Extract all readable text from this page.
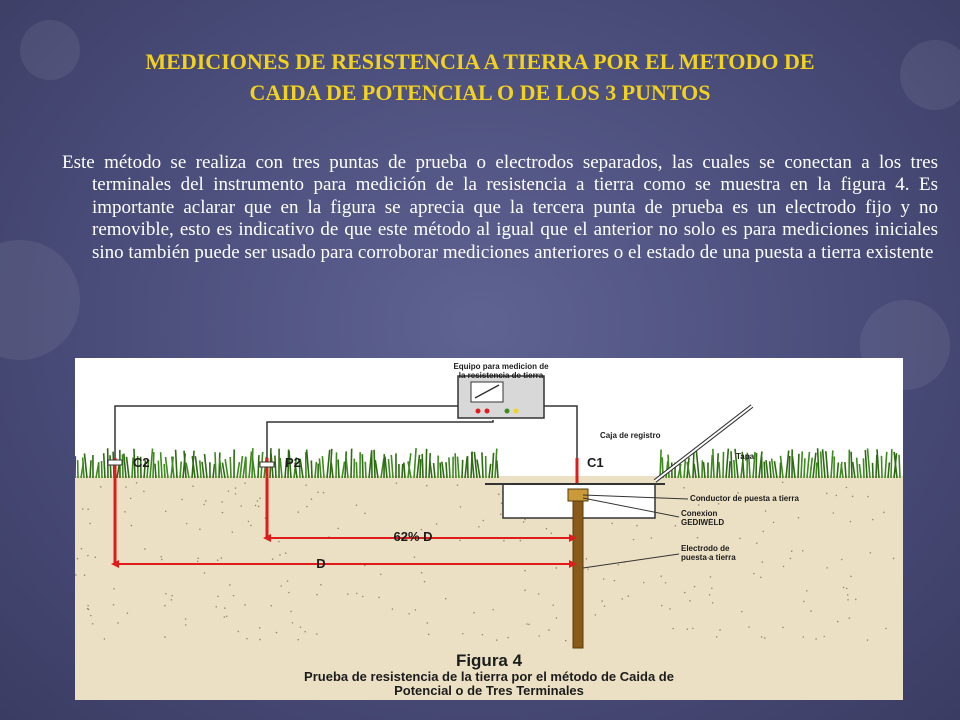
MEDICIONES DE RESISTENCIA A TIERRA POR EL METODO DE
CAIDA DE POTENCIAL O DE LOS 3 PUNTOS

Este método se realiza con tres puntas de prueba o electrodos separados, las cuales se conectan a los tres terminales del instrumento para medición de la resistencia a tierra como se muestra en la figura 4. Es importante aclarar que en la figura se aprecia que la tercera punta de prueba es un electrodo fijo y no removible, esto es indicativo de que este método al igual que el anterior no solo es para mediciones iniciales sino también puede ser usado para corroborar mediciones anteriores o el estado de una puesta a tierra existente

Equipo para medicion de
la resistencia de tierra
C2	P2	C1
Caja de registro
Tapa
Conductor de puesta a tierra
Conexion
GEDIWELD
Electrodo de
puesta a tierra
62% D
D
Figura 4
Prueba de resistencia de la tierra por el método de Caida de
Potencial o de Tres Terminales
